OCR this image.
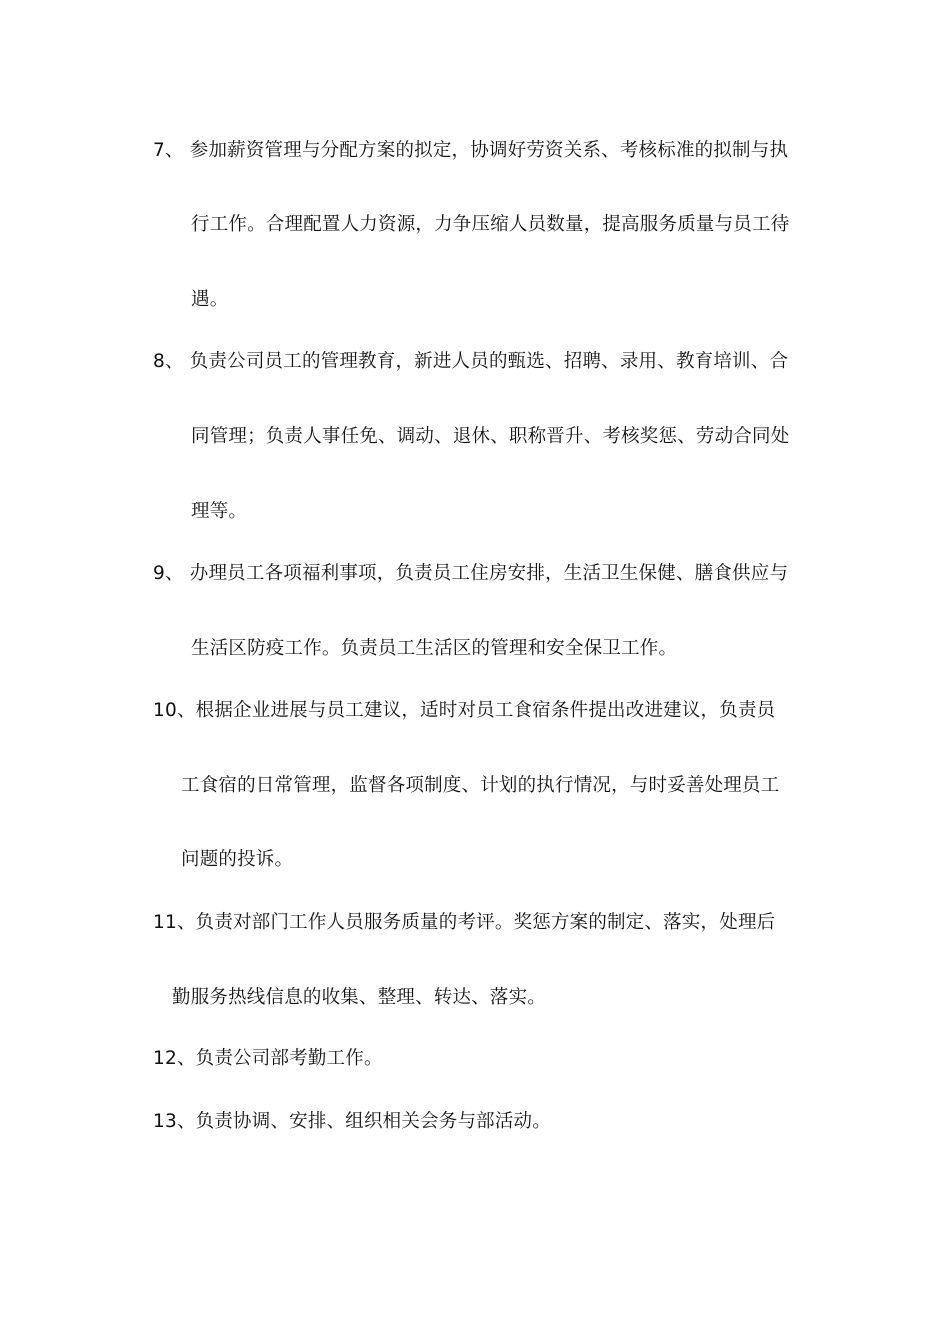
7、 参加薪资管理与分配方案的拟定，协调好劳资关系、考核标准的拟制与执
行工作。合理配置人力资源，力争压缩人员数量，提高服务质量与员工待
遇。
8、 负责公司员工的管理教育，新进人员的甄选、招聘、录用、教育培训、合
同管理；负责人事任免、调动、退休、职称晋升、考核奖惩、劳动合同处
理等。
9、 办理员工各项福利事项，负责员工住房安排，生活卫生保健、膳食供应与
生活区防疫工作。负责员工生活区的管理和安全保卫工作。
10、根据企业进展与员工建议，适时对员工食宿条件提出改进建议，负责员
工食宿的日常管理，监督各项制度、计划的执行情况，与时妥善处理员工
问题的投诉。
11、负责对部门工作人员服务质量的考评。奖惩方案的制定、落实，处理后
勤服务热线信息的收集、整理、转达、落实。
12、负责公司部考勤工作。
13、负责协调、安排、组织相关会务与部活动。
